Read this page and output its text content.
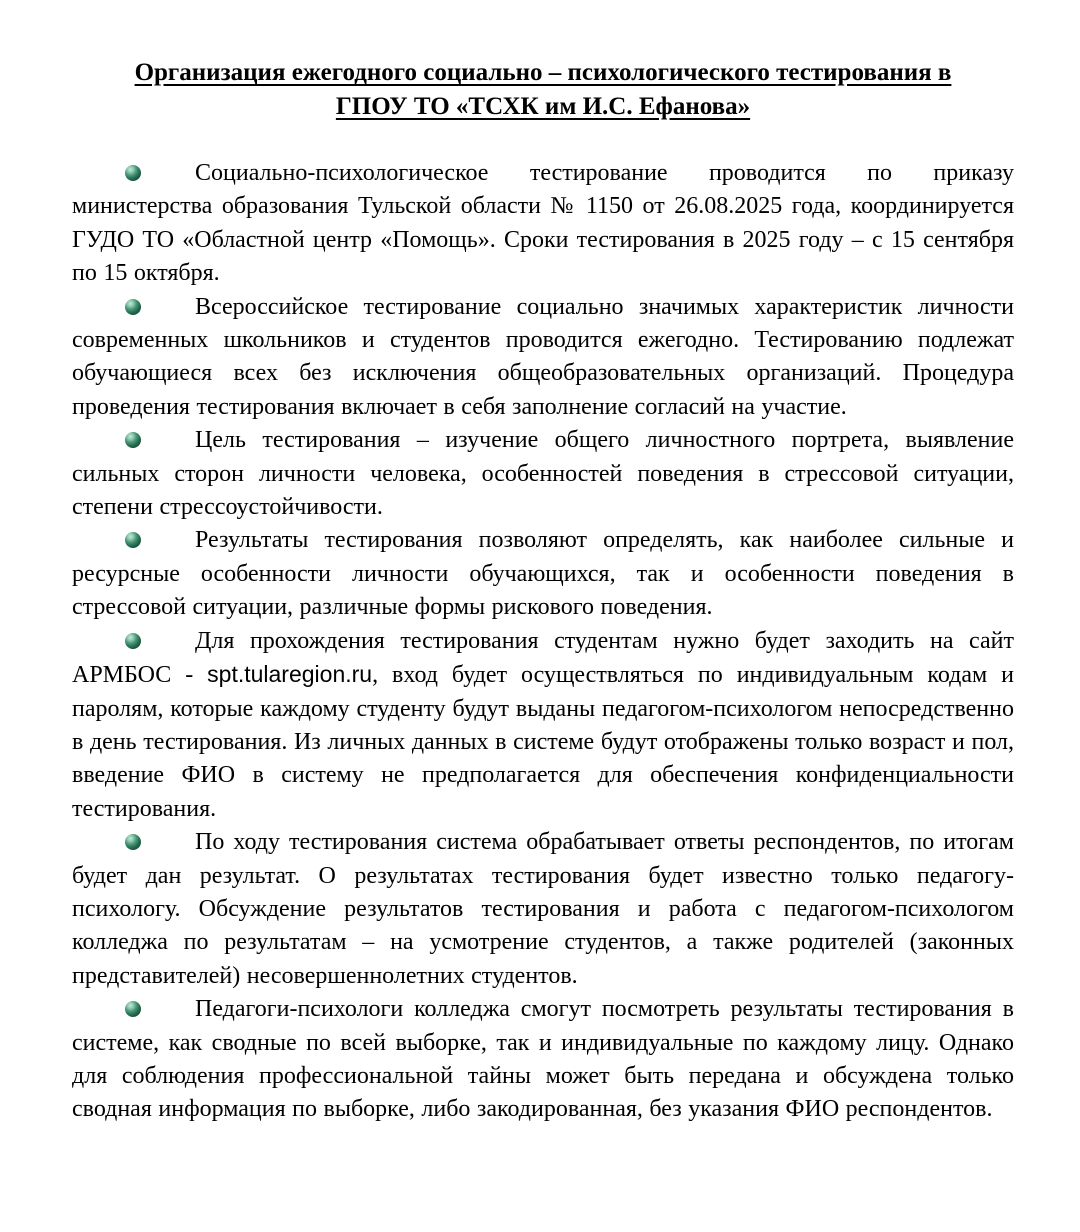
Организация ежегодного социально – психологического тестирования в
ГПОУ ТО «ТСХК им И.С. Ефанова»

Социально-психологическое тестирование проводится по приказу министерства образования Тульской области № 1150 от 26.08.2025 года, координируется ГУДО ТО «Областной центр «Помощь». Сроки тестирования в 2025 году – с 15 сентября по 15 октября.

Всероссийское тестирование социально значимых характеристик личности современных школьников и студентов проводится ежегодно. Тестированию подлежат обучающиеся всех без исключения общеобразовательных организаций. Процедура проведения тестирования включает в себя заполнение согласий на участие.

Цель тестирования – изучение общего личностного портрета, выявление сильных сторон личности человека, особенностей поведения в стрессовой ситуации, степени стрессоустойчивости.

Результаты тестирования позволяют определять, как наиболее сильные и ресурсные особенности личности обучающихся, так и особенности поведения в стрессовой ситуации, различные формы рискового поведения.

Для прохождения тестирования студентам нужно будет заходить на сайт АРМБОС - spt.tularegion.ru, вход будет осуществляться по индивидуальным кодам и паролям, которые каждому студенту будут выданы педагогом-психологом непосредственно в день тестирования. Из личных данных в системе будут отображены только возраст и пол, введение ФИО в систему не предполагается для обеспечения конфиденциальности тестирования.

По ходу тестирования система обрабатывает ответы респондентов, по итогам будет дан результат. О результатах тестирования будет известно только педагогу-психологу. Обсуждение результатов тестирования и работа с педагогом-психологом колледжа по результатам – на усмотрение студентов, а также родителей (законных представителей) несовершеннолетних студентов.

Педагоги-психологи колледжа смогут посмотреть результаты тестирования в системе, как сводные по всей выборке, так и индивидуальные по каждому лицу. Однако для соблюдения профессиональной тайны может быть передана и обсуждена только сводная информация по выборке, либо закодированная, без указания ФИО респондентов.
